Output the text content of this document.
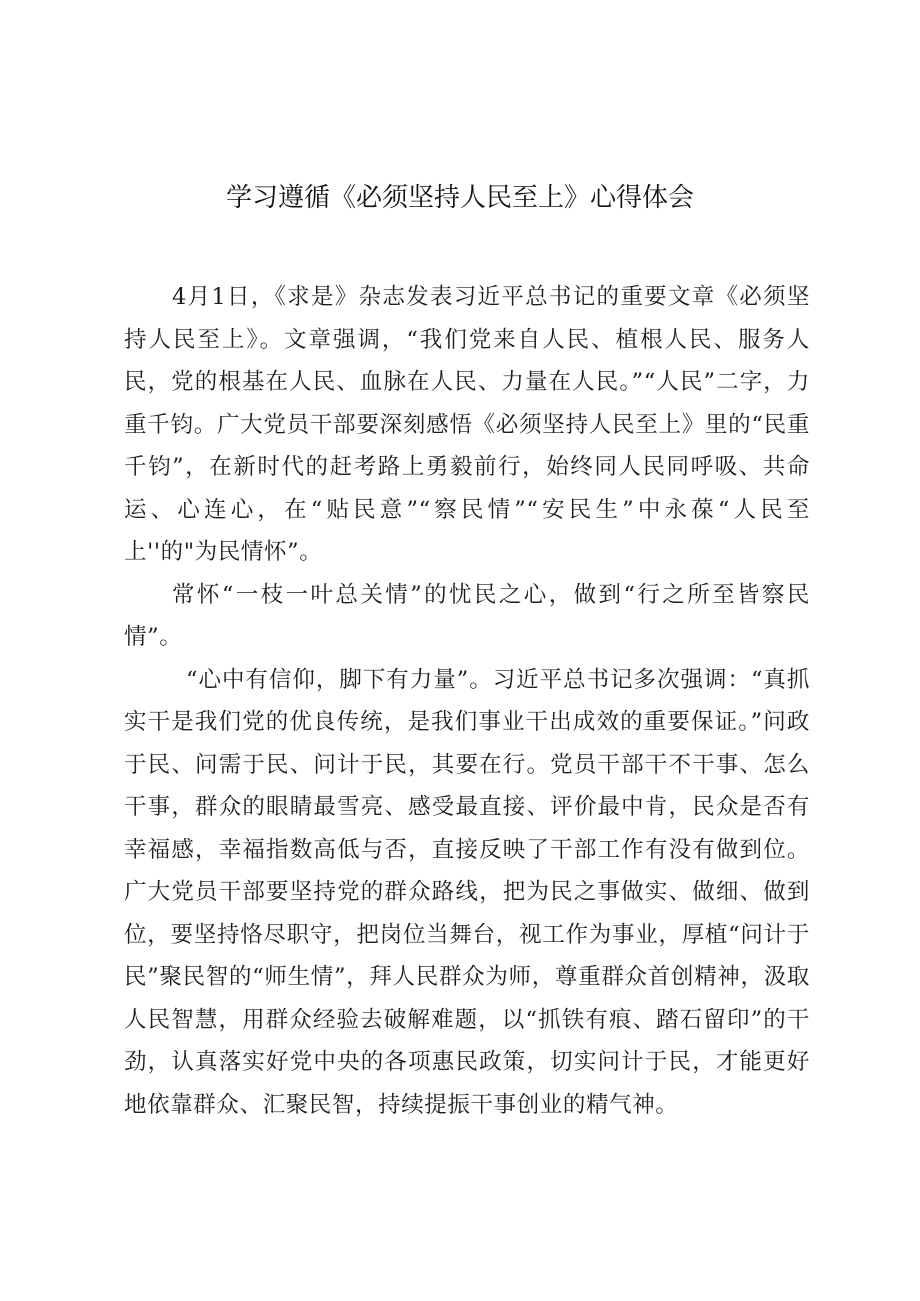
学习遵循《必须坚持人民至上》心得体会

4月1日，《求是》杂志发表习近平总书记的重要文章《必须坚持人民至上》。文章强调，“我们党来自人民、植根人民、服务人民，党的根基在人民、血脉在人民、力量在人民。”“人民”二字，力重千钧。广大党员干部要深刻感悟《必须坚持人民至上》里的“民重千钧”，在新时代的赶考路上勇毅前行，始终同人民同呼吸、共命运、心连心，在“贴民意”“察民情”“安民生”中永葆“人民至上''的"为民情怀”。

常怀“一枝一叶总关情”的忧民之心，做到“行之所至皆察民情”。

“心中有信仰，脚下有力量”。习近平总书记多次强调：“真抓实干是我们党的优良传统，是我们事业干出成效的重要保证。”问政于民、问需于民、问计于民，其要在行。党员干部干不干事、怎么干事，群众的眼睛最雪亮、感受最直接、评价最中肯，民众是否有幸福感，幸福指数高低与否，直接反映了干部工作有没有做到位。广大党员干部要坚持党的群众路线，把为民之事做实、做细、做到位，要坚持恪尽职守，把岗位当舞台，视工作为事业，厚植“问计于民”聚民智的“师生情”，拜人民群众为师，尊重群众首创精神，汲取人民智慧，用群众经验去破解难题，以“抓铁有痕、踏石留印”的干劲，认真落实好党中央的各项惠民政策，切实问计于民，才能更好地依靠群众、汇聚民智，持续提振干事创业的精气神。
